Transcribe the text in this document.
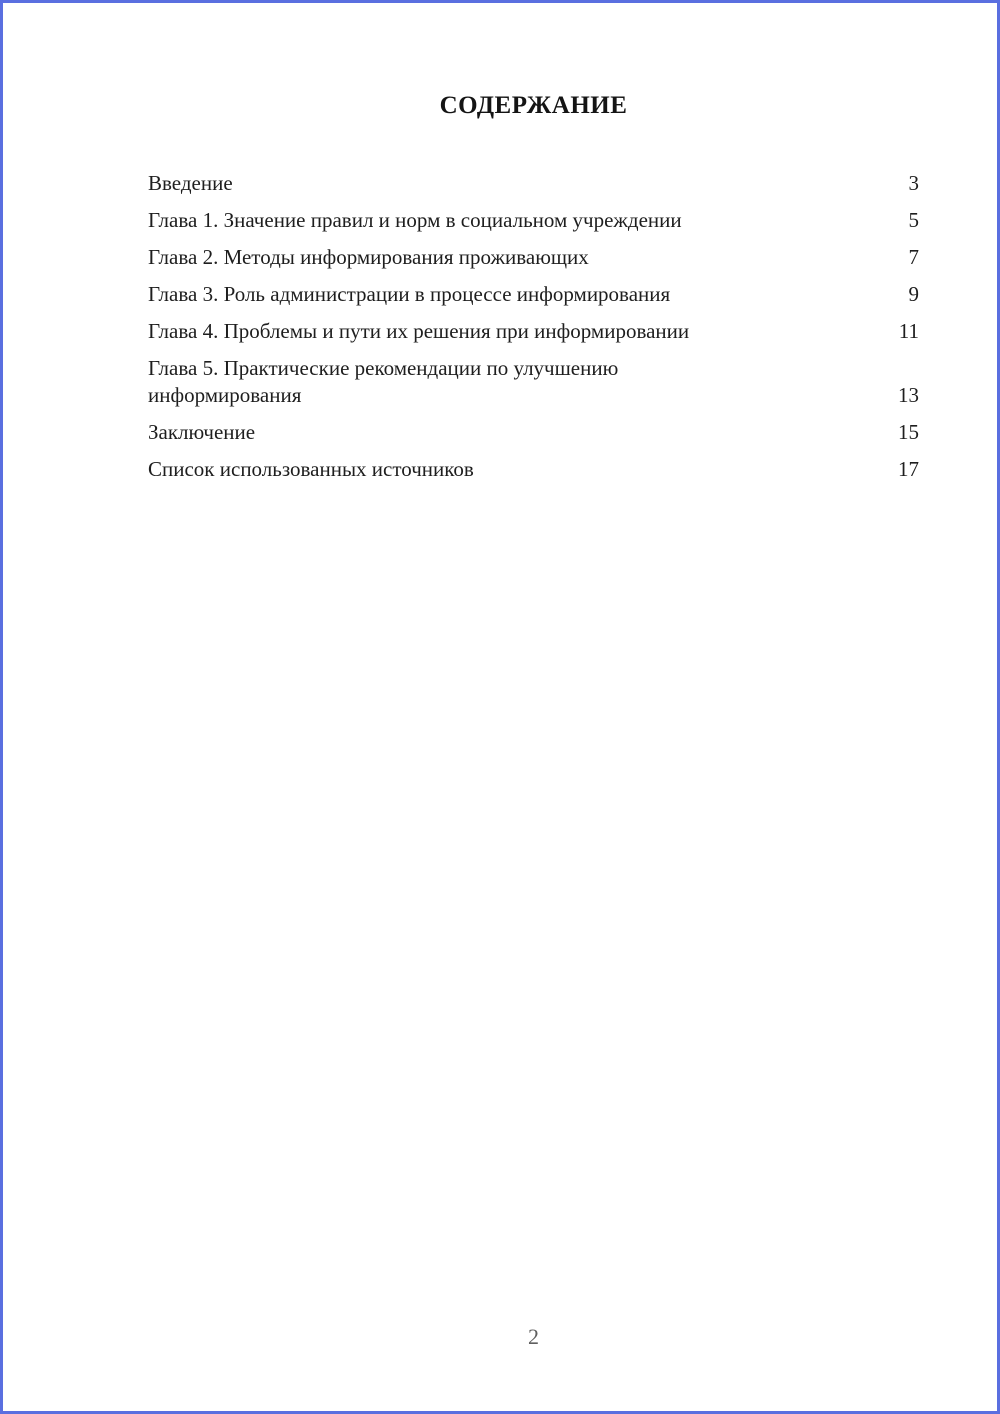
СОДЕРЖАНИЕ
Введение	3
Глава 1. Значение правил и норм в социальном учреждении	5
Глава 2. Методы информирования проживающих	7
Глава 3. Роль администрации в процессе информирования	9
Глава 4. Проблемы и пути их решения при информировании	11
Глава 5. Практические рекомендации по улучшению информирования	13
Заключение	15
Список использованных источников	17
2
